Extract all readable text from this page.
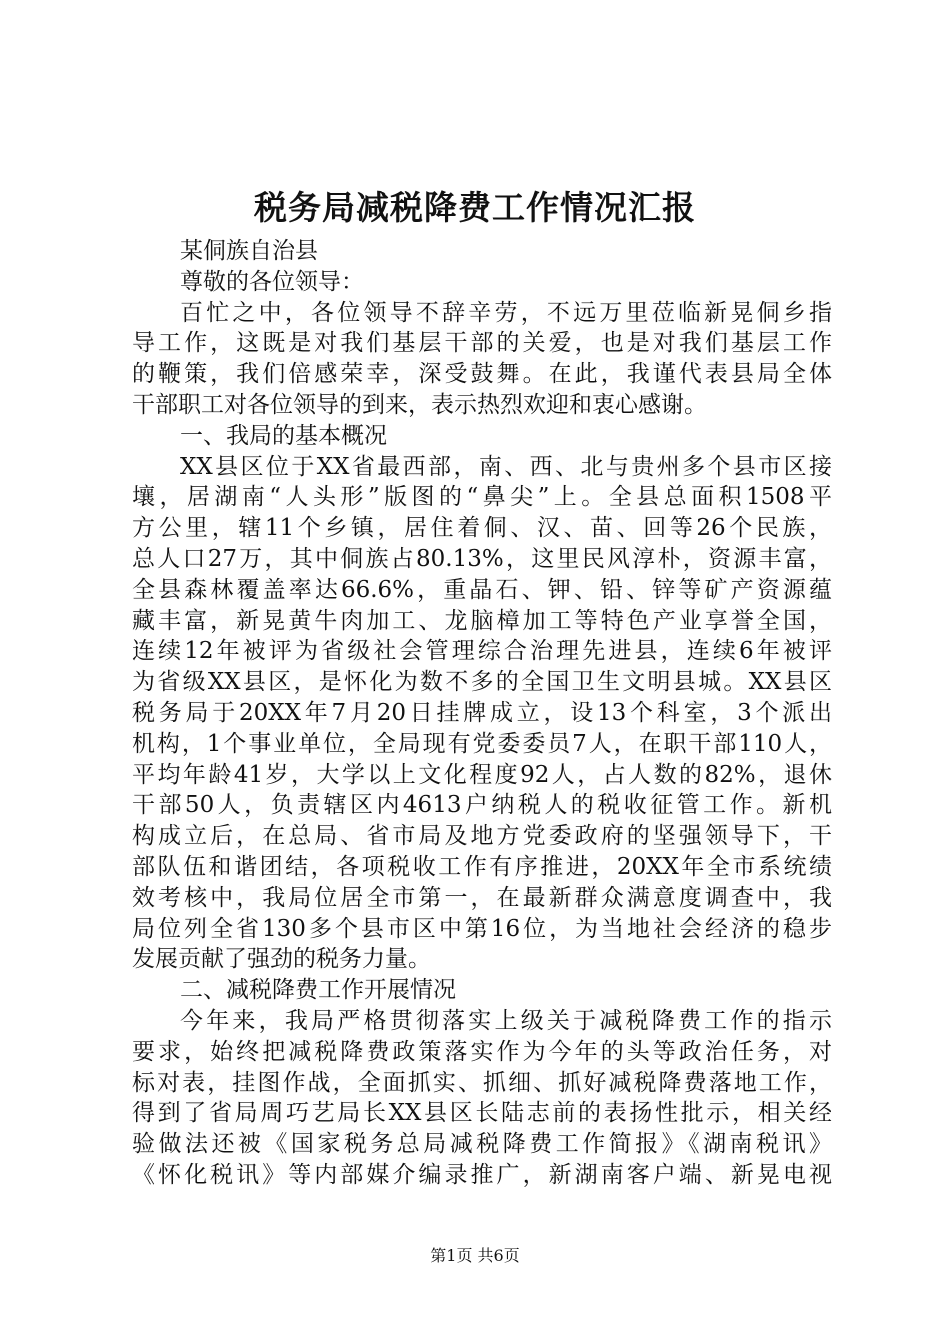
税务局减税降费工作情况汇报
某侗族自治县
尊敬的各位领导：
百忙之中，各位领导不辞辛劳，不远万里莅临新晃侗乡指
导工作，这既是对我们基层干部的关爱，也是对我们基层工作
的鞭策，我们倍感荣幸，深受鼓舞。在此，我谨代表县局全体
干部职工对各位领导的到来，表示热烈欢迎和衷心感谢。
一、我局的基本概况
XX县区位于XX省最西部，南、西、北与贵州多个县市区接
壤，居湖南“人头形”版图的“鼻尖”上。全县总面积1508平
方公里，辖11个乡镇，居住着侗、汉、苗、回等26个民族，
总人口27万，其中侗族占80.13%，这里民风淳朴，资源丰富，
全县森林覆盖率达66.6%，重晶石、钾、铅、锌等矿产资源蕴
藏丰富，新晃黄牛肉加工、龙脑樟加工等特色产业享誉全国，
连续12年被评为省级社会管理综合治理先进县，连续6年被评
为省级XX县区，是怀化为数不多的全国卫生文明县城。XX县区
税务局于20XX年7月20日挂牌成立，设13个科室，3个派出
机构，1个事业单位，全局现有党委委员7人，在职干部110人，
平均年龄41岁，大学以上文化程度92人，占人数的82%，退休
干部50人，负责辖区内4613户纳税人的税收征管工作。新机
构成立后，在总局、省市局及地方党委政府的坚强领导下，干
部队伍和谐团结，各项税收工作有序推进，20XX年全市系统绩
效考核中，我局位居全市第一，在最新群众满意度调查中，我
局位列全省130多个县市区中第16位，为当地社会经济的稳步
发展贡献了强劲的税务力量。
二、减税降费工作开展情况
今年来，我局严格贯彻落实上级关于减税降费工作的指示
要求，始终把减税降费政策落实作为今年的头等政治任务，对
标对表，挂图作战，全面抓实、抓细、抓好减税降费落地工作，
得到了省局周巧艺局长XX县区长陆志前的表扬性批示，相关经
验做法还被《国家税务总局减税降费工作简报》《湖南税讯》
《怀化税讯》等内部媒介编录推广，新湖南客户端、新晃电视
第1页 共6页
